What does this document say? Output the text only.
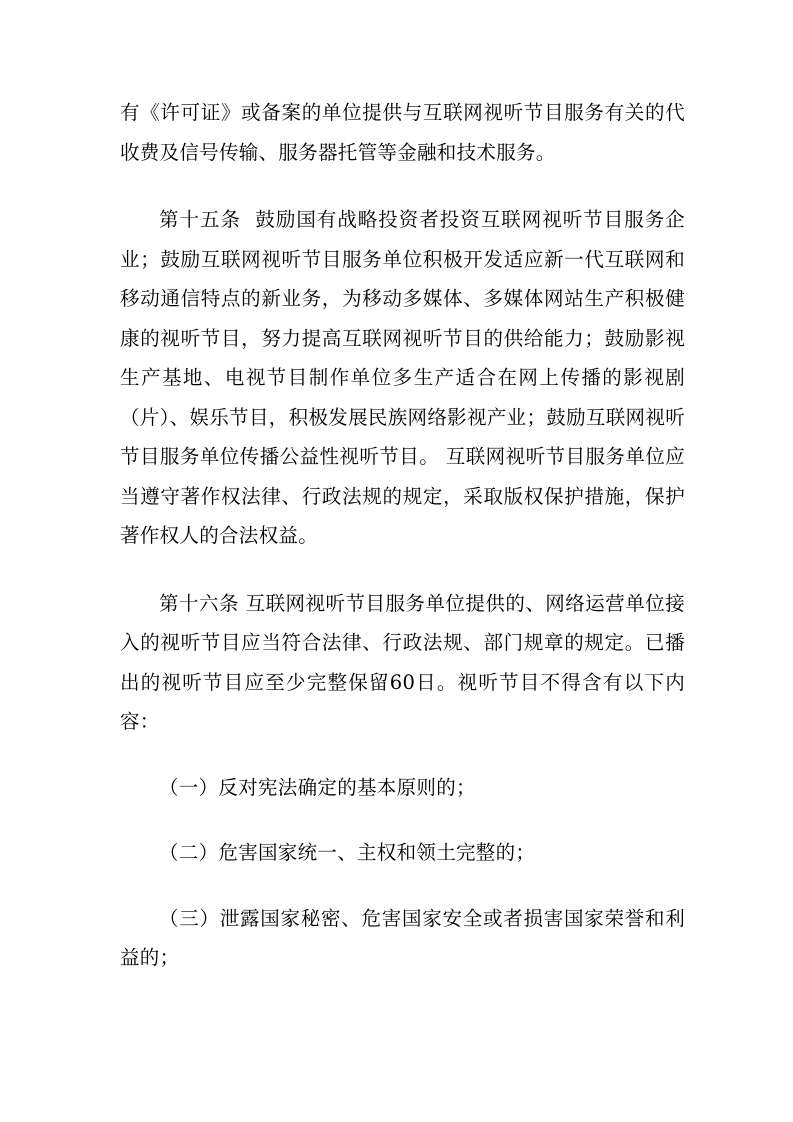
有《许可证》或备案的单位提供与互联网视听节目服务有关的代收费及信号传输、服务器托管等金融和技术服务。

第十五条  鼓励国有战略投资者投资互联网视听节目服务企业；鼓励互联网视听节目服务单位积极开发适应新一代互联网和移动通信特点的新业务，为移动多媒体、多媒体网站生产积极健康的视听节目，努力提高互联网视听节目的供给能力；鼓励影视生产基地、电视节目制作单位多生产适合在网上传播的影视剧（片）、娱乐节目，积极发展民族网络影视产业；鼓励互联网视听节目服务单位传播公益性视听节目。 互联网视听节目服务单位应当遵守著作权法律、行政法规的规定，采取版权保护措施，保护著作权人的合法权益。

第十六条 互联网视听节目服务单位提供的、网络运营单位接入的视听节目应当符合法律、行政法规、部门规章的规定。已播出的视听节目应至少完整保留60日。视听节目不得含有以下内容：

（一）反对宪法确定的基本原则的；

（二）危害国家统一、主权和领土完整的；

（三）泄露国家秘密、危害国家安全或者损害国家荣誉和利益的；
